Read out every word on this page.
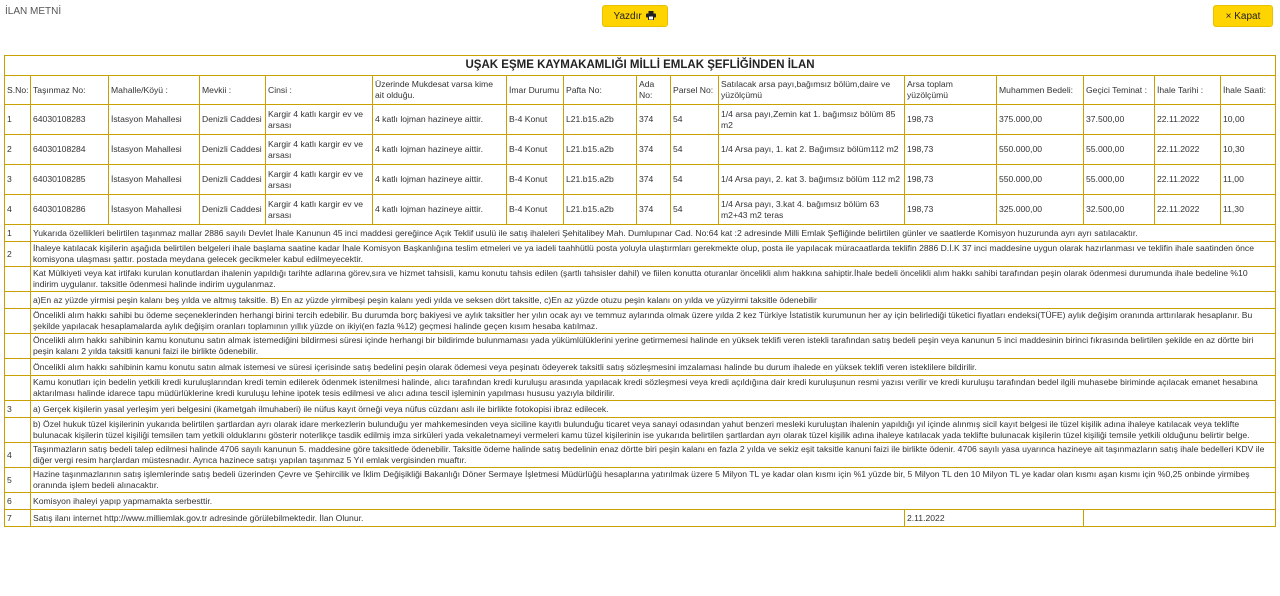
İLAN METNİ	Yazdır	× Kapat
UŞAK EŞME KAYMAKAMLIĞI MİLLİ EMLAK ŞEFLİĞİNDEN İLAN															
S.No:	Taşınmaz No:	Mahalle/Köyü :	Mevkii :	Cinsi :	Üzerinde Mukdesat varsa kime ait olduğu.	İmar Durumu	Pafta No:	Ada No:	Parsel No:	Satılacak arsa payı,bağımsız bölüm,daire ve yüzölçümü	Arsa toplam yüzölçümü	Muhammen Bedeli:	Geçici Teminat :	İhale Tarihi :	İhale Saati:
1	64030108283	İstasyon Mahallesi	Denizli Caddesi	Kargir 4 katlı kargir ev ve arsası	4 katlı lojman hazineye aittir.	B-4 Konut	L21.b15.a2b	374	54	1/4 arsa payı,Zemin kat 1. bağımsız bölüm 85 m2	198,73	375.000,00	37.500,00	22.11.2022	10,00
2	64030108284	İstasyon Mahallesi	Denizli Caddesi	Kargir 4 katlı kargir ev ve arsası	4 katlı lojman hazineye aittir.	B-4 Konut	L21.b15.a2b	374	54	1/4 Arsa payı, 1. kat 2. Bağımsız bölüm112 m2	198,73	550.000,00	55.000,00	22.11.2022	10,30
3	64030108285	İstasyon Mahallesi	Denizli Caddesi	Kargir 4 katlı kargir ev ve arsası	4 katlı lojman hazineye aittir.	B-4 Konut	L21.b15.a2b	374	54	1/4 Arsa payı, 2. kat 3. bağımsız bölüm 112 m2	198,73	550.000,00	55.000,00	22.11.2022	11,00
4	64030108286	İstasyon Mahallesi	Denizli Caddesi	Kargir 4 katlı kargir ev ve arsası	4 katlı lojman hazineye aittir.	B-4 Konut	L21.b15.a2b	374	54	1/4 Arsa payı, 3.kat 4. bağımsız bölüm 63 m2+43 m2 teras	198,73	325.000,00	32.500,00	22.11.2022	11,30
1	Yukarıda özellikleri belirtilen taşınmaz mallar 2886 sayılı Devlet İhale Kanunun 45 inci maddesi gereğince Açık Teklif usulü ile satış ihaleleri Şehitalibey Mah. Dumlupınar Cad. No:64 kat :2 adresinde Milli Emlak Şefliğinde belirtilen günler ve saatlerde Komisyon huzurunda ayrı ayrı satılacaktır.														
2	İhaleye katılacak kişilerin aşağıda belirtilen belgeleri ihale başlama saatine kadar İhale Komisyon Başkanlığına teslim etmeleri ve ya iadeli taahhütlü posta yoluyla ulaştırmları gerekmekte olup, posta ile yapılacak müracaatlarda teklifin 2886 D.İ.K 37 inci maddesine uygun olarak hazırlanması ve teklifin ihale saatinden önce komisyona ulaşması şattır. postada meydana gelecek gecikmeler kabul edilmeyecektir.														
	Kat Mülkiyeti veya kat irtifakı kurulan konutlardan ihalenin yapıldığı tarihte adlarına görev,sıra ve hizmet tahsisli, kamu konutu tahsis edilen (şartlı tahsisler dahil) ve fiilen konutta oturanlar öncelikli alım hakkına sahiptir.İhale bedeli öncelikli alım hakkı sahibi tarafından peşin olarak ödenmesi durumunda ihale bedeline %10 indirim uygulanır. taksitle ödenmesi halinde indirim uygulanmaz.														
	a)En az yüzde yirmisi peşin kalanı beş yılda ve altmış taksitle. B) En az yüzde yirmibeşi peşin kalanı yedi yılda ve seksen dört taksitle, c)En az yüzde otuzu peşin kalanı on yılda ve yüzyirmi taksitle ödenebilir														
	Öncelikli alım hakkı sahibi bu ödeme seçeneklerinden herhangi birini tercih edebilir. Bu durumda borç bakiyesi ve aylık taksitler her yılın ocak ayı ve temmuz aylarında olmak üzere yılda 2 kez Türkiye İstatistik kurumunun her ay için belirlediği tüketici fiyatları endeksi(TÜFE) aylık değişim oranında arttırılarak hesaplanır. Bu şekilde yapılacak hesaplamalarda aylık değişim oranları toplamının yıllık yüzde on ikiyi(en fazla %12) geçmesi halinde geçen kısım hesaba katılmaz.														
	Öncelikli alım hakkı sahibinin kamu konutunu satın almak istemediğini bildirmesi süresi içinde herhangi bir bildirimde bulunmaması yada yükümlülüklerini yerine getirmemesi halinde en yüksek teklifi veren istekli tarafından satış bedeli peşin veya kanunun 5 inci maddesinin birinci fıkrasında belirtilen şekilde en az dörtte biri peşin kalanı 2 yılda taksitli kanuni faizi ile birlikte ödenebilir.														
	Öncelikli alım hakkı sahibinin kamu konutu satın almak istemesi ve süresi içerisinde satış bedelini peşin olarak ödemesi veya peşinatı ödeyerek taksitli satış sözleşmesini imzalaması halinde bu durum ihalede en yüksek teklifi veren isteklilere bildirilir.														
	Kamu konutları için bedelin yetkili kredi kuruluşlarından kredi temin edilerek ödenmek istenilmesi halinde, alıcı tarafından kredi kuruluşu arasında yapılacak kredi sözleşmesi veya kredi açıldığına dair kredi kuruluşunun resmi yazısı verilir ve kredi kuruluşu tarafından bedel ilgili muhasebe biriminde açılacak emanet hesabına aktarılması halinde idarece tapu müdürlüklerine kredi kuruluşu lehine ipotek tesis edilmesi ve alıcı adına tescil işleminin yapılması hususu yazıyla bildirilir.														
3	a) Gerçek kişilerin yasal yerleşim yeri belgesini (ikametgah ilmuhaberi) ile nüfus kayıt örneği veya nüfus cüzdanı aslı ile birlikte fotokopisi ibraz edilecek.														
	b) Özel hukuk tüzel kişilerinin yukarıda belirtilen şartlardan ayrı olarak idare merkezlerin bulunduğu yer mahkemesinden veya siciline kayıtlı bulunduğu ticaret veya sanayi odasından yahut benzeri mesleki kuruluştan ihalenin yapıldığı yıl içinde alınmış sicil kayıt belgesi ile tüzel kişilik adına ihaleye katılacak veya teklifte bulunacak kişilerin tüzel kişiliği temsilen tam yetkili olduklarını gösterir noterlikçe tasdik edilmiş imza sirküleri yada vekaletnameyi vermeleri kamu tüzel kişilerinin ise yukarıda belirtilen şartlardan ayrı olarak tüzel kişilik adına ihaleye katılacak yada teklifte bulunacak kişilerin tüzel kişiliği temsile yetkili olduğunu belirtir belge.														
4	Taşınmazların satış bedeli talep edilmesi halinde 4706 sayılı kanunun 5. maddesine göre taksitlede ödenebilir. Taksitle ödeme halinde satış bedelinin enaz dörtte biri peşin kalanı en fazla 2 yılda ve sekiz eşit taksitle kanuni faizi ile birlikte ödenir. 4706 sayılı yasa uyarınca hazineye ait taşınmazların satış ihale bedelleri KDV ile diğer vergi resim harçlardan müstesnadır. Ayrıca hazinece satışı yapılan taşınmaz 5 Yıl emlak vergisinden muaftır.														
5	Hazine taşınmazlarının satış işlemlerinde satış bedeli üzerinden Çevre ve Şehircilik ve İklim Değişikliği Bakanlığı Döner Sermaye İşletmesi Müdürlüğü hesaplarına yatırılmak üzere 5 Milyon TL ye kadar olan kısmı için %1 yüzde bir, 5 Milyon TL den 10 Milyon TL ye kadar olan kısmı aşan kısmı için %0,25 onbinde yirmibeş oranında işlem bedeli alınacaktır.														
6	Komisyon ihaleyi yapıp yapmamakta serbesttir.														
7	Satış ilanı internet http://www.milliemlak.gov.tr adresinde görülebilmektedir. İlan Olunur.										2.11.2022				
